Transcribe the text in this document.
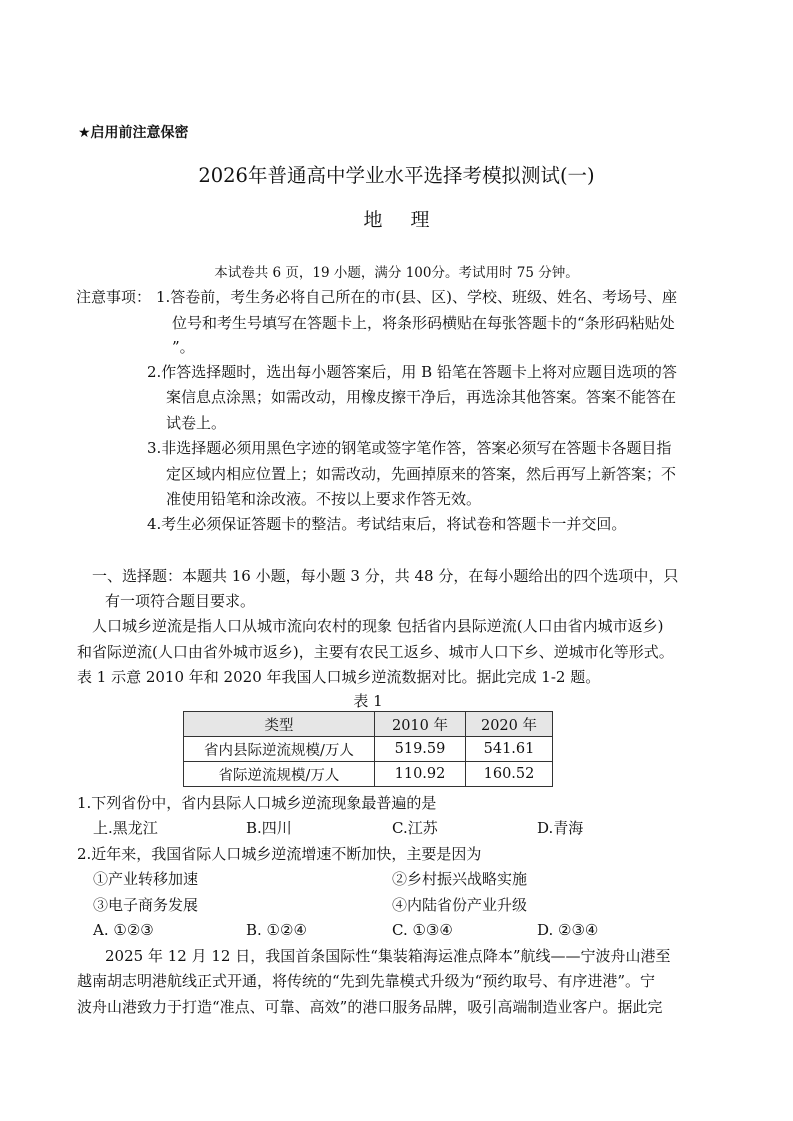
★启用前注意保密
2026年普通高中学业水平选择考模拟测试(一)
地理
本试卷共 6 页，19 小题，满分 100分。考试用时 75 分钟。
注意事项： 1.答卷前，考生务必将自己所在的市(县、区)、学校、班级、姓名、考场号、座
位号和考生号填写在答题卡上，将条形码横贴在每张答题卡的“条形码粘贴处
”。
2.作答选择题时，选出每小题答案后，用 B 铅笔在答题卡上将对应题目选项的答
案信息点涂黑；如需改动，用橡皮擦干净后，再选涂其他答案。答案不能答在
试卷上。
3.非选择题必须用黑色字迹的钢笔或签字笔作答，答案必须写在答题卡各题目指
定区域内相应位置上；如需改动，先画掉原来的答案，然后再写上新答案；不
准使用铅笔和涂改液。不按以上要求作答无效。
4.考生必须保证答题卡的整洁。考试结束后，将试卷和答题卡一并交回。
一、选择题：本题共 16 小题，每小题 3 分，共 48 分，在每小题给出的四个选项中，只
有一项符合题目要求。
人口城乡逆流是指人口从城市流向农村的现象 包括省内县际逆流(人口由省内城市返乡)
和省际逆流(人口由省外城市返乡)，主要有农民工返乡、城市人口下乡、逆城市化等形式。
表 1 示意 2010 年和 2020 年我国人口城乡逆流数据对比。据此完成 1-2 题。
表 1
类型	2010 年	2020 年
省内县际逆流规模/万人	519.59	541.61
省际逆流规模/万人	110.92	160.52
1.下列省份中，省内县际人口城乡逆流现象最普遍的是
上.黑龙江	B.四川	C.江苏	D.青海
2.近年来，我国省际人口城乡逆流增速不断加快，主要是因为
①产业转移加速	②乡村振兴战略实施
③电子商务发展	④内陆省份产业升级
A. ①②③	B. ①②④	C. ①③④	D. ②③④
2025 年 12 月 12 日，我国首条国际性“集装箱海运准点降本”航线——宁波舟山港至
越南胡志明港航线正式开通，将传统的“先到先靠模式升级为“预约取号、有序进港”。宁
波舟山港致力于打造“准点、可靠、高效”的港口服务品牌，吸引高端制造业客户。据此完
